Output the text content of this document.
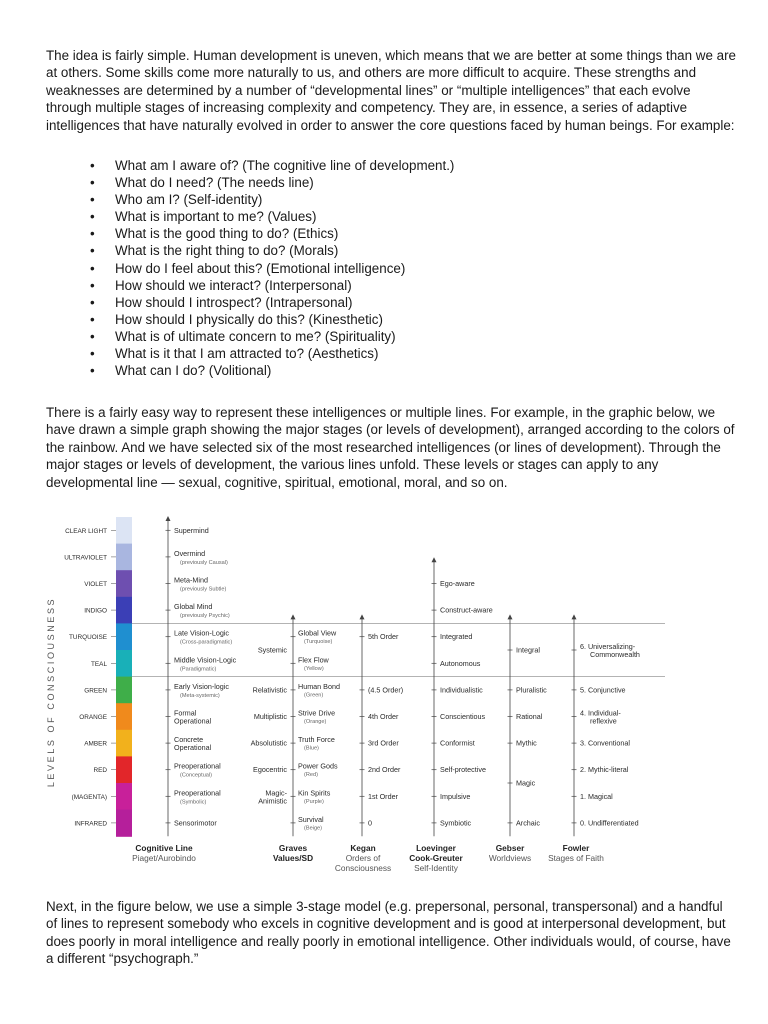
The idea is fairly simple. Human development is uneven, which means that we are better at some things than we are at others. Some skills come more naturally to us, and others are more difficult to acquire. These strengths and weaknesses are determined by a number of “developmental lines” or “multiple intelligences” that each evolve through multiple stages of increasing complexity and competency. They are, in essence, a series of adaptive intelligences that have naturally evolved in order to answer the core questions faced by human beings. For example:

• What am I aware of? (The cognitive line of development.)
• What do I need? (The needs line)
• Who am I? (Self-identity)
• What is important to me? (Values)
• What is the good thing to do? (Ethics)
• What is the right thing to do? (Morals)
• How do I feel about this? (Emotional intelligence)
• How should we interact? (Interpersonal)
• How should I introspect? (Intrapersonal)
• How should I physically do this? (Kinesthetic)
• What is of ultimate concern to me? (Spirituality)
• What is it that I am attracted to? (Aesthetics)
• What can I do? (Volitional)

There is a fairly easy way to represent these intelligences or multiple lines. For example, in the graphic below, we have drawn a simple graph showing the major stages (or levels of development), arranged according to the colors of the rainbow. And we have selected six of the most researched intelligences (or lines of development). Through the major stages or levels of development, the various lines unfold. These levels or stages can apply to any developmental line — sexual, cognitive, spiritual, emotional, moral, and so on.

CLEAR LIGHT
ULTRAVIOLET
VIOLET
INDIGO
TURQUOISE
TEAL
GREEN
ORANGE
AMBER
RED
(MAGENTA)
INFRARED
Supermind
Overmind
(previously Causal)
Meta-Mind
(previously Subtle)
Global Mind
(previously Psychic)
Late Vision-Logic
(Cross-paradigmatic)
Middle Vision-Logic
(Paradigmatic)
Early Vision-logic
(Meta-systemic)
Formal
Operational
Concrete
Operational
Preoperational
(Conceptual)
Preoperational
(Symbolic)
Sensorimotor
Systemic
Relativistic
Multiplistic
Absolutistic
Egocentric
Magic-
Animistic
Global View
(Turquoise)
Flex Flow
(Yellow)
Human Bond
(Green)
Strive Drive
(Orange)
Truth Force
(Blue)
Power Gods
(Red)
Kin Spirits
(Purple)
Survival
(Beige)
5th Order
(4.5 Order)
4th Order
3rd Order
2nd Order
1st Order
0
Ego-aware
Construct-aware
Integrated
Autonomous
Individualistic
Conscientious
Conformist
Self-protective
Impulsive
Symbiotic
Integral
Pluralistic
Rational
Mythic
Magic
Archaic
6. Universalizing-
Commonwealth
5. Conjunctive
4. Individual-
reflexive
3. Conventional
2. Mythic-literal
1. Magical
0. Undifferentiated
LEVELS OF CONSCIOUSNESS
Cognitive Line
Piaget/Aurobindo
Graves
Values/SD
Kegan
Orders of
Consciousness
Loevinger
Cook-Greuter
Self-Identity
Gebser
Worldviews
Fowler
Stages of Faith

Next, in the figure below, we use a simple 3-stage model (e.g. prepersonal, personal, transpersonal) and a handful of lines to represent somebody who excels in cognitive development and is good at interpersonal development, but does poorly in moral intelligence and really poorly in emotional intelligence. Other individuals would, of course, have a different “psychograph.”
